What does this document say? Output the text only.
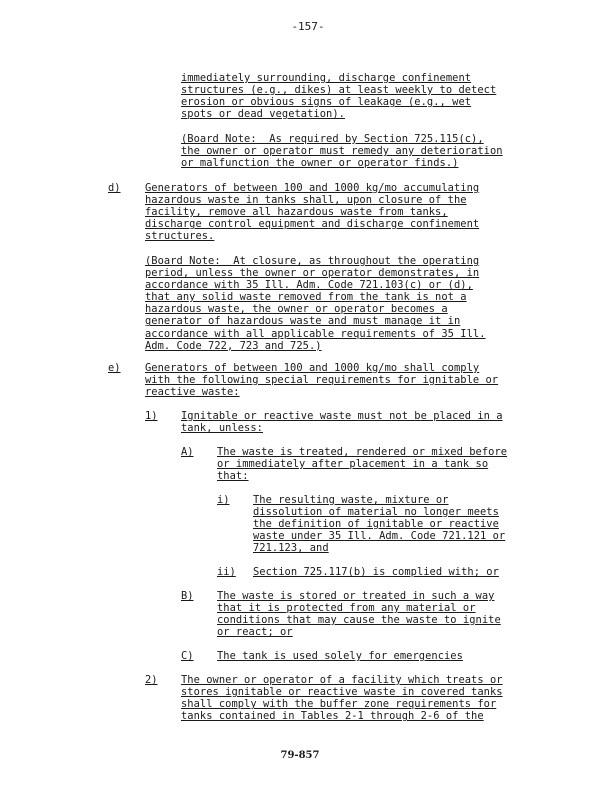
-157-
immediately surrounding, discharge confinement
structures (e.g., dikes) at least weekly to detect
erosion or obvious signs of leakage (e.g., wet
spots or dead vegetation).
(Board Note:  As required by Section 725.115(c),
the owner or operator must remedy any deterioration
or malfunction the owner or operator finds.)
d) Generators of between 100 and 1000 kg/mo accumulating
hazardous waste in tanks shall, upon closure of the
facility, remove all hazardous waste from tanks,
discharge control equipment and discharge confinement
structures.
(Board Note:  At closure, as throughout the operating
period, unless the owner or operator demonstrates, in
accordance with 35 Ill. Adm. Code 721.103(c) or (d),
that any solid waste removed from the tank is not a
hazardous waste, the owner or operator becomes a
generator of hazardous waste and must manage it in
accordance with all applicable requirements of 35 Ill.
Adm. Code 722, 723 and 725.)
e) Generators of between 100 and 1000 kg/mo shall comply
with the following special requirements for ignitable or
reactive waste:
1) Ignitable or reactive waste must not be placed in a
tank, unless:
A) The waste is treated, rendered or mixed before
or immediately after placement in a tank so
that:
i) The resulting waste, mixture or
dissolution of material no longer meets
the definition of ignitable or reactive
waste under 35 Ill. Adm. Code 721.121 or
721.123, and
ii) Section 725.117(b) is complied with; or
B) The waste is stored or treated in such a way
that it is protected from any material or
conditions that may cause the waste to ignite
or react; or
C) The tank is used solely for emergencies
2) The owner or operator of a facility which treats or
stores ignitable or reactive waste in covered tanks
shall comply with the buffer zone requirements for
tanks contained in Tables 2-1 through 2-6 of the
79-857
